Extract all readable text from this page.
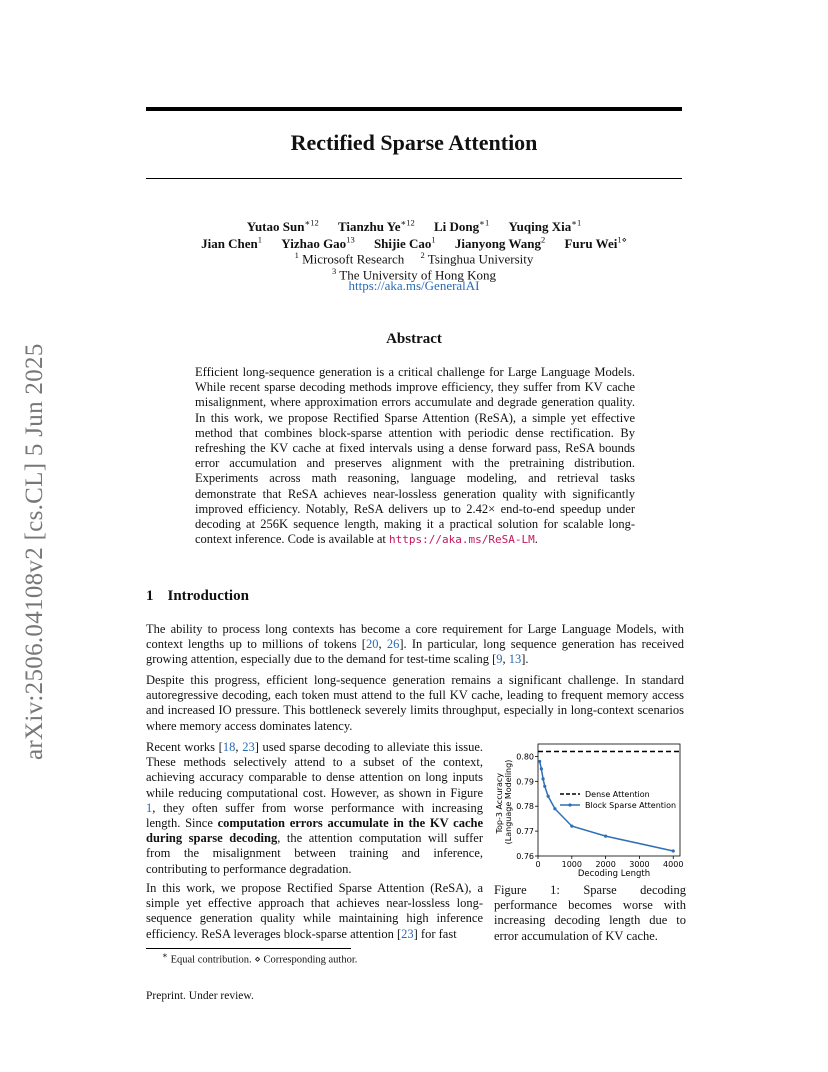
arXiv:2506.04108v2 [cs.CL] 5 Jun 2025
Rectified Sparse Attention
Yutao Sun$^{∗12}$ Tianzhu $Ye^{∗12}$ Li Dong$^{∗1}$ Yuqing Xia$^{∗1}$
Jian Chen$^1$ Yizhao Gao$^{13}$ Shijie Cao$^1$ Jianyong Wang$^2$ Furu Wei$^{1⋄}$
$^1$ Microsoft Research $^2$ Tsinghua University
$^3$ The University of Hong Kong
https://aka.ms/GeneralAI
Abstract
Efficient long-sequence generation is a critical challenge for Large Language Models. While recent sparse decoding methods improve efficiency, they suffer from KV cache misalignment, where approximation errors accumulate and degrade generation quality. In this work, we propose Rectified Sparse Attention (ReSA), a simple yet effective method that combines block-sparse attention with periodic dense rectification. By refreshing the KV cache at fixed intervals using a dense forward pass, ReSA bounds error accumulation and preserves alignment with the pretraining distribution. Experiments across math reasoning, language modeling, and retrieval tasks demonstrate that ReSA achieves near-lossless generation quality with significantly improved efficiency. Notably, ReSA delivers up to 2.42× end-to-end speedup under decoding at 256K sequence length, making it a practical solution for scalable long-context inference. Code is available at https://aka.ms/ReSA-LM.
1 Introduction

The ability to process long contexts has become a core requirement for Large Language Models, with context lengths up to millions of tokens [20, 26]. In particular, long sequence generation has received growing attention, especially due to the demand for test-time scaling [9, 13].

Despite this progress, efficient long-sequence generation remains a significant challenge. In standard autoregressive decoding, each token must attend to the full KV cache, leading to frequent memory access and increased IO pressure. This bottleneck severely limits throughput, especially in long-context scenarios where memory access dominates latency.

Recent works [18, 23] used sparse decoding to alleviate this issue. These methods selectively attend to a subset of the context, achieving accuracy comparable to dense attention on long inputs while reducing computational cost. However, as shown in Figure 1, they often suffer from worse performance with increasing length. Since computation errors accumulate in the KV cache during sparse decoding, the attention computation will suffer from the misalignment between training and inference, contributing to performance degradation.

In this work, we propose Rectified Sparse Attention (ReSA), a simple yet effective approach that achieves near-lossless long-sequence generation quality while maintaining high inference efficiency. ReSA leverages block-sparse attention [23] for fast

0.76
0.77
0.78
0.79
0.80
0	1000 2000 3000 4000
Decoding Length
Top-3 Accuracy (Language Modeling)	Dense Attention
Block Sparse Attention
Figure 1: Sparse decoding performance becomes worse with increasing decoding length due to error accumulation of KV cache.
∗ Equal contribution. ⋄ Corresponding author.
Preprint. Under review.
